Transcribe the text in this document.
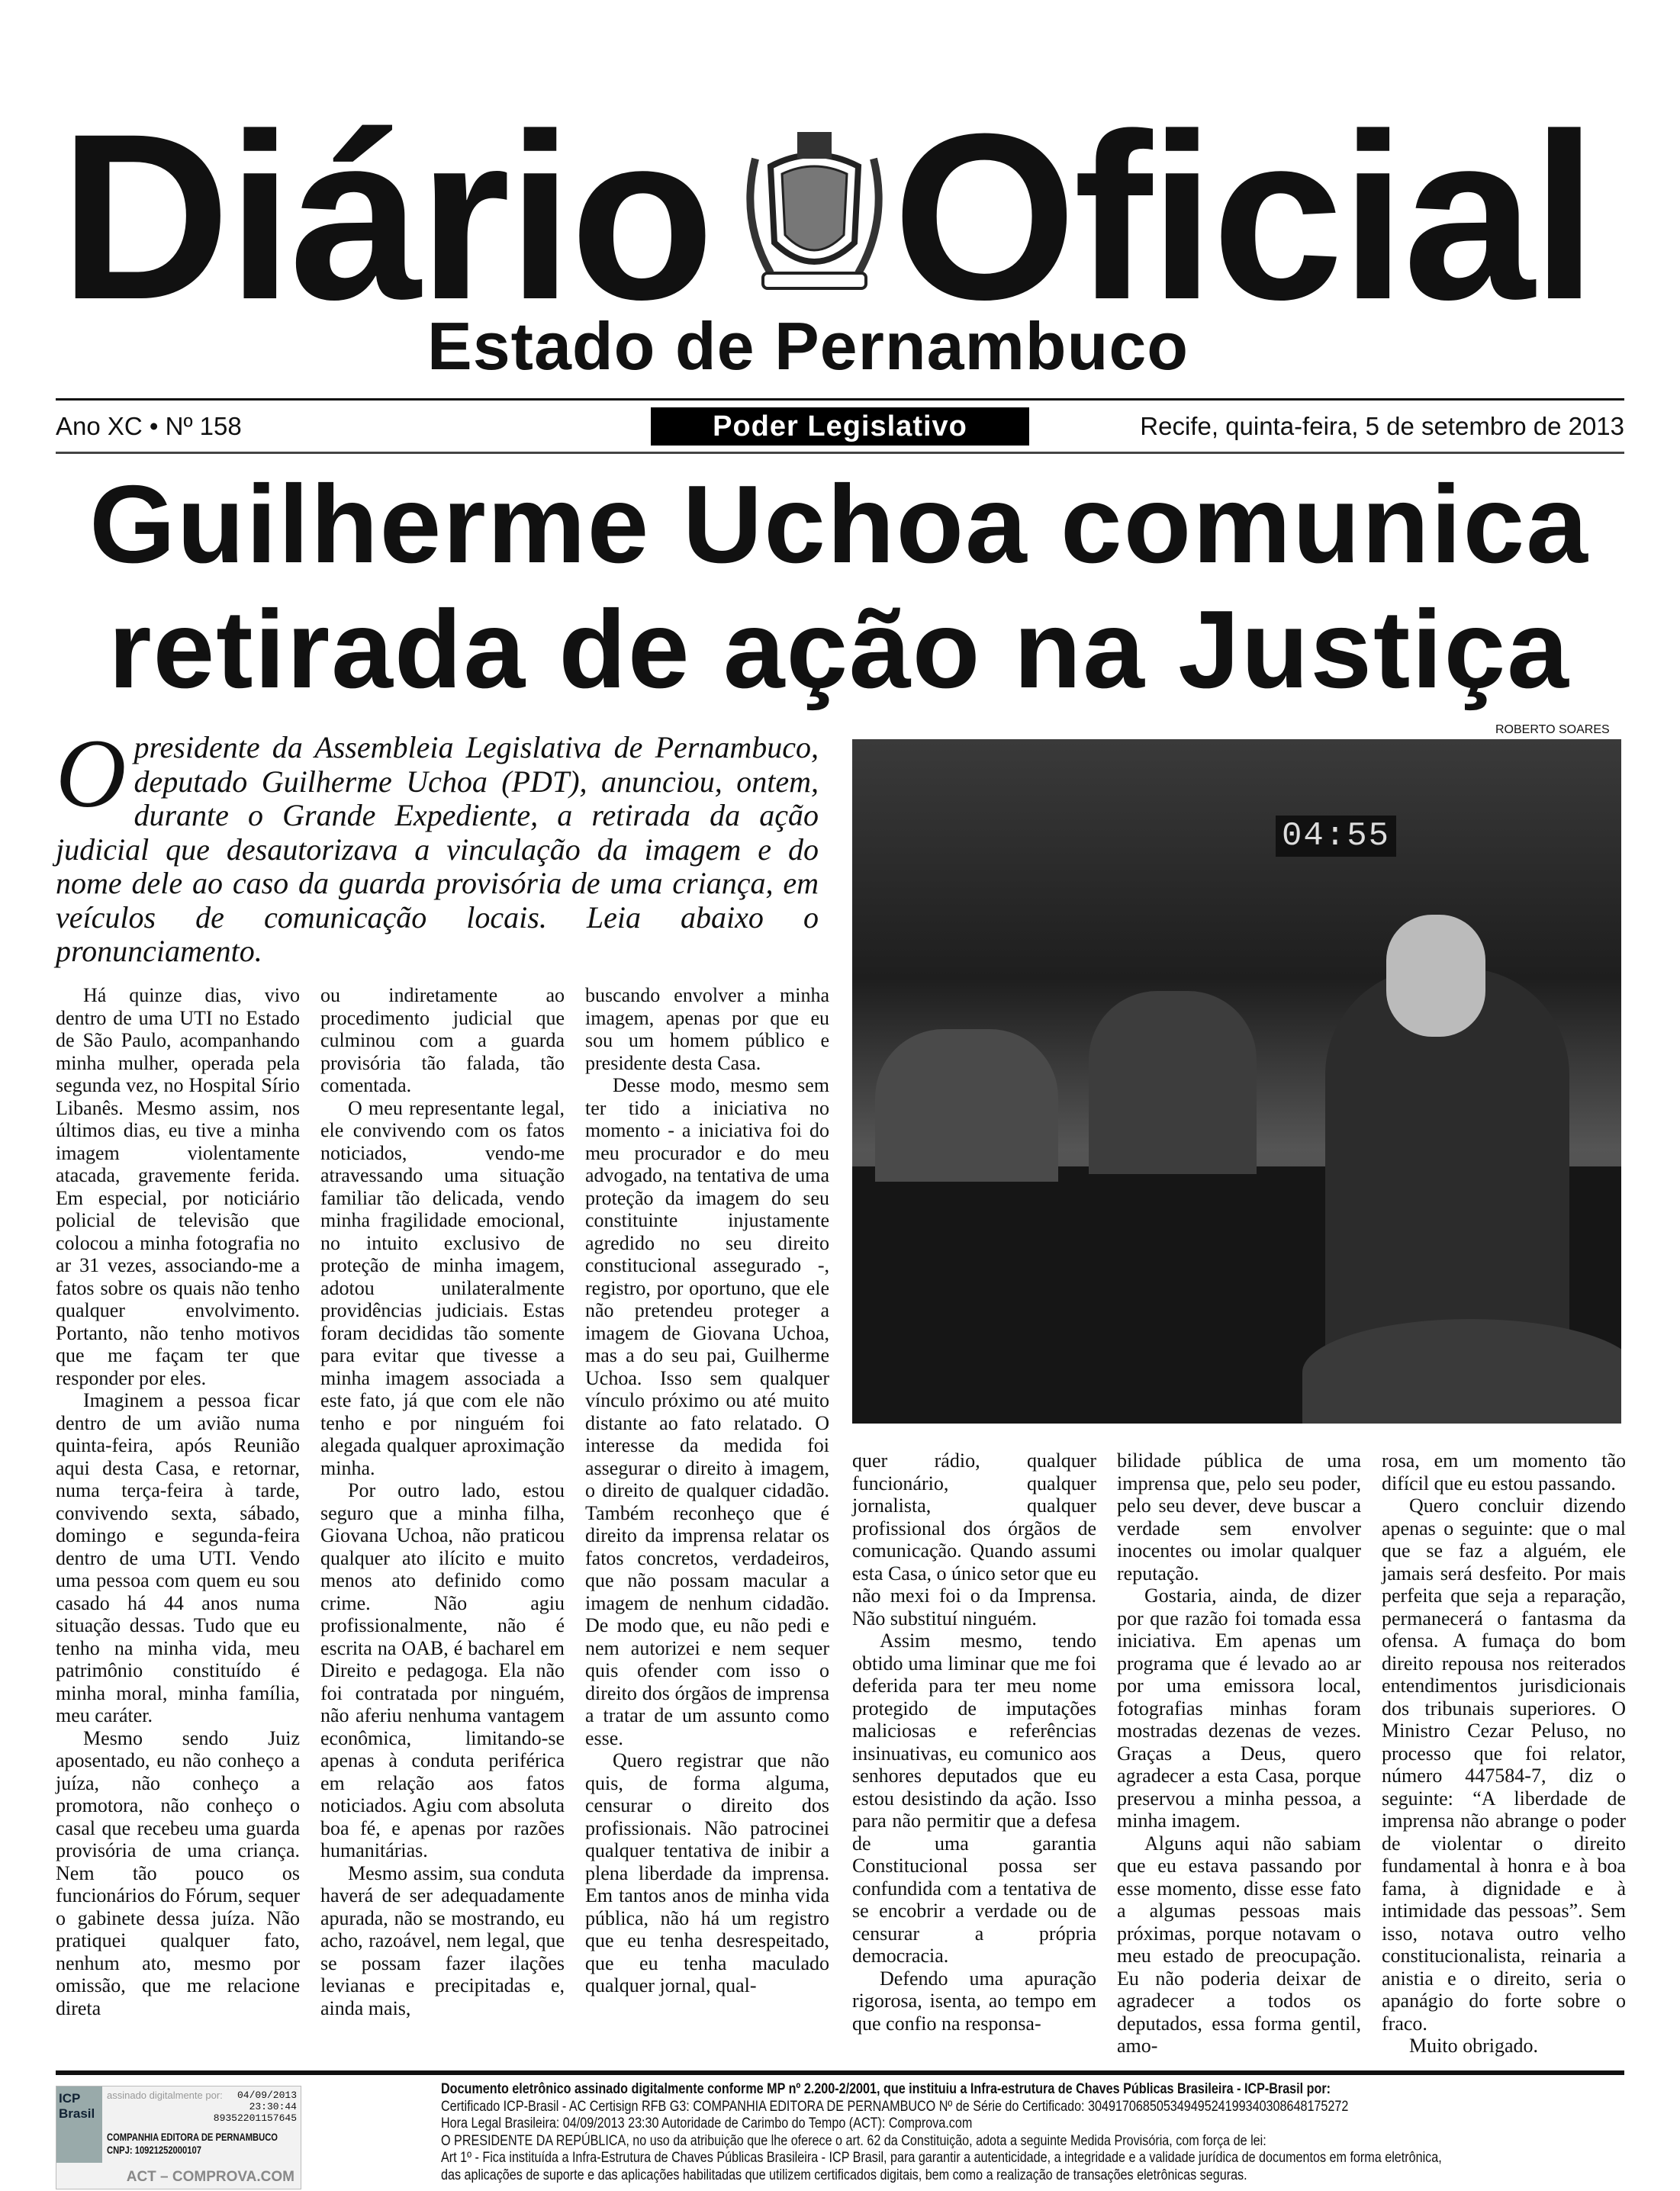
Diário Oficial
Estado de Pernambuco
Ano XC • Nº 158	Poder Legislativo	Recife, quinta-feira, 5 de setembro de 2013
Guilherme Uchoa comunica
retirada de ação na Justiça
O presidente da Assembleia Legislativa de Pernambuco, deputado Guilherme Uchoa (PDT), anunciou, ontem, durante o Grande Expediente, a retirada da ação judicial que desautorizava a vinculação da imagem e do nome dele ao caso da guarda provisória de uma criança, em veículos de comunicação locais. Leia abaixo o pronunciamento.
ROBERTO SOARES
04:55

Há quinze dias, vivo dentro de uma UTI no Estado de São Paulo, acompanhando minha mulher, operada pela segunda vez, no Hospital Sírio Libanês. Mesmo assim, nos últimos dias, eu tive a minha imagem violentamente atacada, gravemente ferida. Em especial, por noticiário policial de televisão que colocou a minha fotografia no ar 31 vezes, associando-me a fatos sobre os quais não tenho qualquer envolvimento. Portanto, não tenho motivos que me façam ter que responder por eles.

Imaginem a pessoa ficar dentro de um avião numa quinta-feira, após Reunião aqui desta Casa, e retornar, numa terça-feira à tarde, convivendo sexta, sábado, domingo e segunda-feira dentro de uma UTI. Vendo uma pessoa com quem eu sou casado há 44 anos numa situação dessas. Tudo que eu tenho na minha vida, meu patrimônio constituído é minha moral, minha família, meu caráter.

Mesmo sendo Juiz aposentado, eu não conheço a juíza, não conheço a promotora, não conheço o casal que recebeu uma guarda provisória de uma criança. Nem tão pouco os funcionários do Fórum, sequer o gabinete dessa juíza. Não pratiquei qualquer fato, nenhum ato, mesmo por omissão, que me relacione direta

ou indiretamente ao procedimento judicial que culminou com a guarda provisória tão falada, tão comentada.

O meu representante legal, ele convivendo com os fatos noticiados, vendo-me atravessando uma situação familiar tão delicada, vendo minha fragilidade emocional, no intuito exclusivo de proteção de minha imagem, adotou unilateralmente providências judiciais. Estas foram decididas tão somente para evitar que tivesse a minha imagem associada a este fato, já que com ele não tenho e por ninguém foi alegada qualquer aproximação minha.

Por outro lado, estou seguro que a minha filha, Giovana Uchoa, não praticou qualquer ato ilícito e muito menos ato definido como crime. Não agiu profissionalmente, não é escrita na OAB, é bacharel em Direito e pedagoga. Ela não foi contratada por ninguém, não aferiu nenhuma vantagem econômica, limitando-se apenas à conduta periférica em relação aos fatos noticiados. Agiu com absoluta boa fé, e apenas por razões humanitárias.

Mesmo assim, sua conduta haverá de ser adequadamente apurada, não se mostrando, eu acho, razoável, nem legal, que se possam fazer ilações levianas e precipitadas e, ainda mais,

buscando envolver a minha imagem, apenas por que eu sou um homem público e presidente desta Casa.

Desse modo, mesmo sem ter tido a iniciativa no momento - a iniciativa foi do meu procurador e do meu advogado, na tentativa de uma proteção da imagem do seu constituinte injustamente agredido no seu direito constitucional assegurado -, registro, por oportuno, que ele não pretendeu proteger a imagem de Giovana Uchoa, mas a do seu pai, Guilherme Uchoa. Isso sem qualquer vínculo próximo ou até muito distante ao fato relatado. O interesse da medida foi assegurar o direito à imagem, o direito de qualquer cidadão. Também reconheço que é direito da imprensa relatar os fatos concretos, verdadeiros, que não possam macular a imagem de nenhum cidadão. De modo que, eu não pedi e nem autorizei e nem sequer quis ofender com isso o direito dos órgãos de imprensa a tratar de um assunto como esse.

Quero registrar que não quis, de forma alguma, censurar o direito dos profissionais. Não patrocinei qualquer tentativa de inibir a plena liberdade da imprensa. Em tantos anos de minha vida pública, não há um registro que eu tenha desrespeitado, que eu tenha maculado qualquer jornal, qual-

quer rádio, qualquer funcionário, qualquer jornalista, qualquer profissional dos órgãos de comunicação. Quando assumi esta Casa, o único setor que eu não mexi foi o da Imprensa. Não substituí ninguém.

Assim mesmo, tendo obtido uma liminar que me foi deferida para ter meu nome protegido de imputações maliciosas e referências insinuativas, eu comunico aos senhores deputados que eu estou desistindo da ação. Isso para não permitir que a defesa de uma garantia Constitucional possa ser confundida com a tentativa de se encobrir a verdade ou de censurar a própria democracia.

Defendo uma apuração rigorosa, isenta, ao tempo em que confio na responsa-

bilidade pública de uma imprensa que, pelo seu poder, pelo seu dever, deve buscar a verdade sem envolver inocentes ou imolar qualquer reputação.

Gostaria, ainda, de dizer por que razão foi tomada essa iniciativa. Em apenas um programa que é levado ao ar por uma emissora local, fotografias minhas foram mostradas dezenas de vezes. Graças a Deus, quero agradecer a esta Casa, porque preservou a minha pessoa, a minha imagem.

Alguns aqui não sabiam que eu estava passando por esse momento, disse esse fato a algumas pessoas mais próximas, porque notavam o meu estado de preocupação. Eu não poderia deixar de agradecer a todos os deputados, essa forma gentil, amo-

rosa, em um momento tão difícil que eu estou passando.

Quero concluir dizendo apenas o seguinte: que o mal que se faz a alguém, ele jamais será desfeito. Por mais perfeita que seja a reparação, permanecerá o fantasma da ofensa. A fumaça do bom direito repousa nos reiterados entendimentos jurisdicionais dos tribunais superiores. O Ministro Cezar Peluso, no processo que foi relator, número 447584-7, diz o seguinte: “A liberdade de imprensa não abrange o poder de violentar o direito fundamental à honra e à boa fama, à dignidade e à intimidade das pessoas”. Sem isso, notava outro velho constitucionalista, reinaria a anistia e o direito, seria o apanágio do forte sobre o fraco.

Muito obrigado.

ICP Brasil
assinado digitalmente por:	04/09/2013
23:30:44
89352201157645
COMPANHIA EDITORA DE PERNAMBUCO
CNPJ: 10921252000107
ACT – COMPROVA.COM
Documento eletrônico assinado digitalmente conforme MP nº 2.200-2/2001, que instituiu a Infra-estrutura de Chaves Públicas Brasileira - ICP-Brasil por:
Certificado ICP-Brasil - AC Certisign RFB G3: COMPANHIA EDITORA DE PERNAMBUCO Nº de Série do Certificado: 30491706850534949524199340308648175272
Hora Legal Brasileira: 04/09/2013 23:30 Autoridade de Carimbo do Tempo (ACT): Comprova.com
O PRESIDENTE DA REPÚBLICA, no uso da atribuição que lhe oferece o art. 62 da Constituição, adota a seguinte Medida Provisória, com força de lei:
Art 1º - Fica instituída a Infra-Estrutura de Chaves Públicas Brasileira - ICP Brasil, para garantir a autenticidade, a integridade e a validade jurídica de documentos em forma eletrônica,
das aplicações de suporte e das aplicações habilitadas que utilizem certificados digitais, bem como a realização de transações eletrônicas seguras.
